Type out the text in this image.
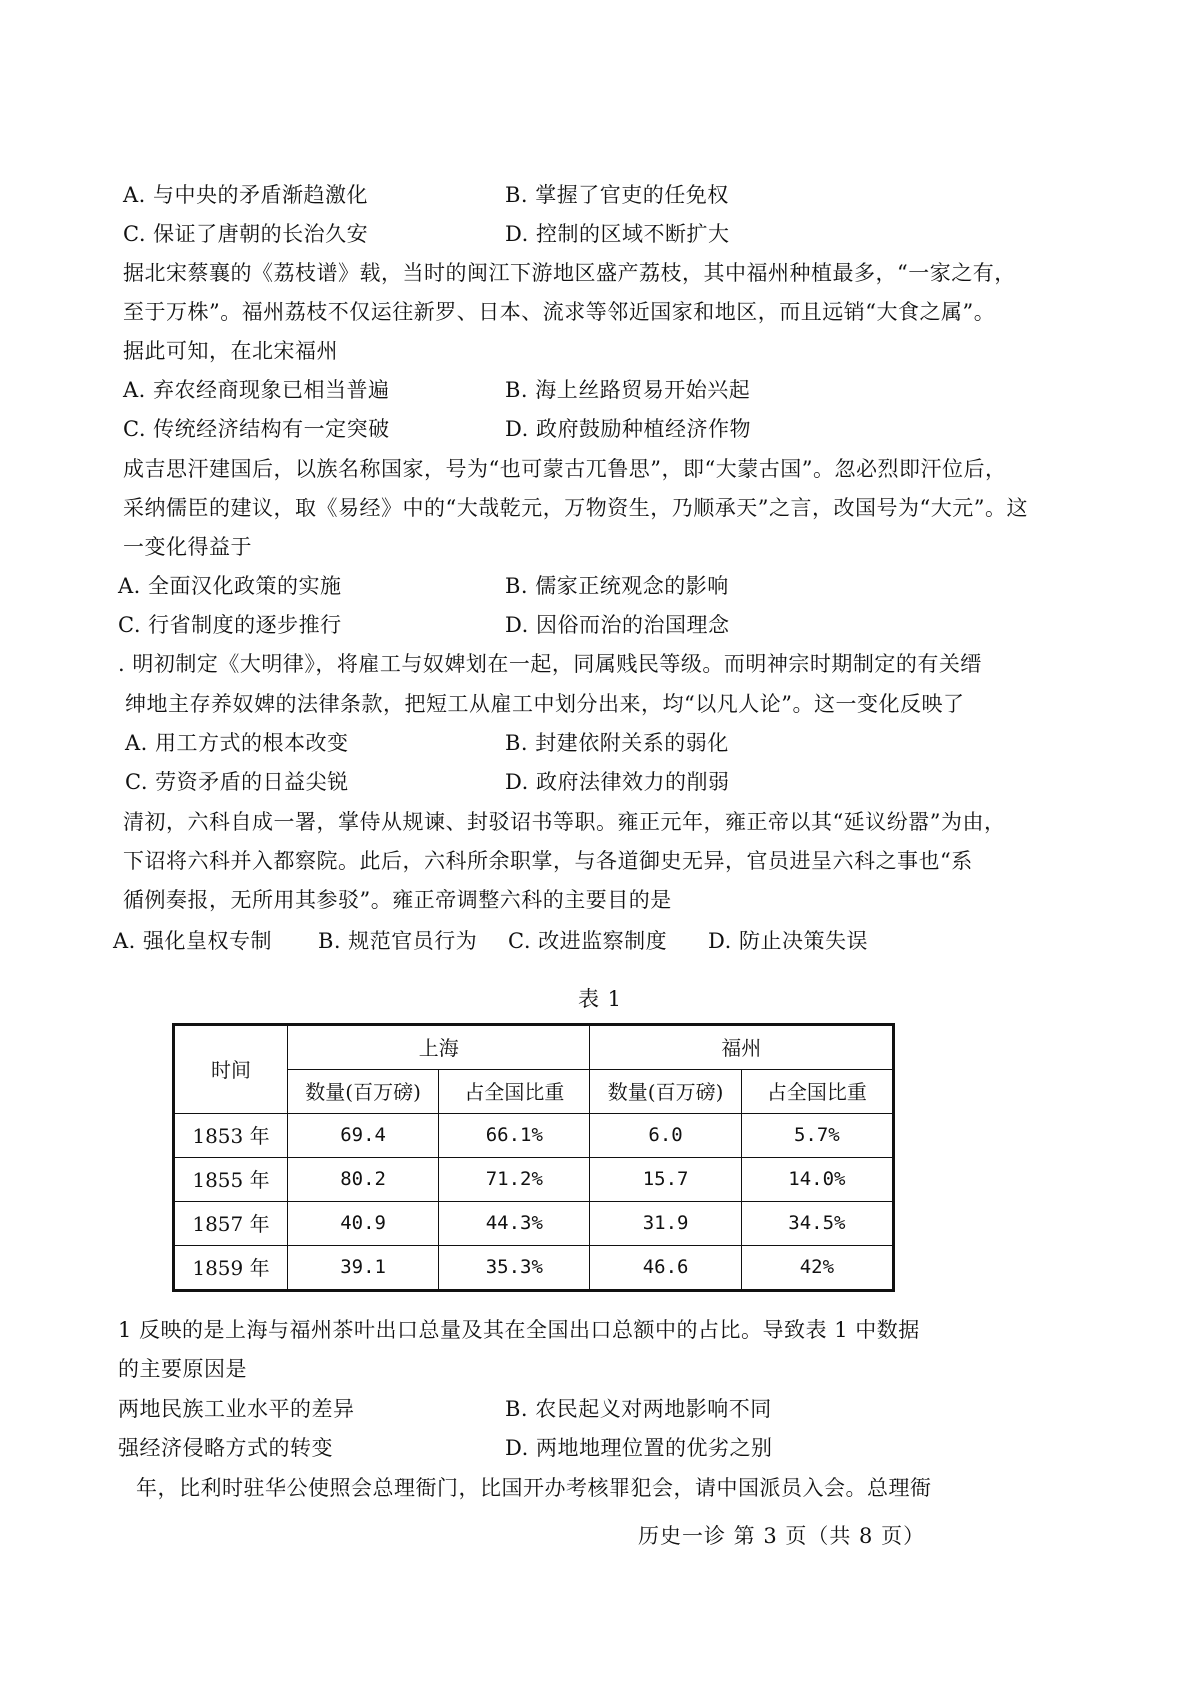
A. 与中央的矛盾渐趋激化	B. 掌握了官吏的任免权
C. 保证了唐朝的长治久安	D. 控制的区域不断扩大
据北宋蔡襄的《荔枝谱》载，当时的闽江下游地区盛产荔枝，其中福州种植最多，“一家之有，
至于万株”。福州荔枝不仅运往新罗、日本、流求等邻近国家和地区，而且远销“大食之属”。
据此可知，在北宋福州
A. 弃农经商现象已相当普遍	B. 海上丝路贸易开始兴起
C. 传统经济结构有一定突破	D. 政府鼓励种植经济作物
成吉思汗建国后，以族名称国家，号为“也可蒙古兀鲁思”，即“大蒙古国”。忽必烈即汗位后，
采纳儒臣的建议，取《易经》中的“大哉乾元，万物资生，乃顺承天”之言，改国号为“大元”。这
一变化得益于
A. 全面汉化政策的实施	B. 儒家正统观念的影响
C. 行省制度的逐步推行	D. 因俗而治的治国理念
. 明初制定《大明律》，将雇工与奴婢划在一起，同属贱民等级。而明神宗时期制定的有关缙
绅地主存养奴婢的法律条款，把短工从雇工中划分出来，均“以凡人论”。这一变化反映了
A. 用工方式的根本改变	B. 封建依附关系的弱化
C. 劳资矛盾的日益尖锐	D. 政府法律效力的削弱
清初，六科自成一署，掌侍从规谏、封驳诏书等职。雍正元年，雍正帝以其“延议纷嚣”为由，
下诏将六科并入都察院。此后，六科所余职掌，与各道御史无异，官员进呈六科之事也“系
循例奏报，无所用其参驳”。雍正帝调整六科的主要目的是
A. 强化皇权专制 B. 规范官员行为 C. 改进监察制度 D. 防止决策失误
表 1
时间	上海		福州	
	数量(百万磅)	占全国比重	数量(百万磅)	占全国比重
1853 年	69.4	66.1%	6.0	5.7%
1855 年	80.2	71.2%	15.7	14.0%
1857 年	40.9	44.3%	31.9	34.5%
1859 年	39.1	35.3%	46.6	42%
1 反映的是上海与福州茶叶出口总量及其在全国出口总额中的占比。导致表 1 中数据
的主要原因是
两地民族工业水平的差异	B. 农民起义对两地影响不同
强经济侵略方式的转变	D. 两地地理位置的优劣之别
年，比利时驻华公使照会总理衙门，比国开办考核罪犯会，请中国派员入会。总理衙
历史一诊 第 3 页（共 8 页）
